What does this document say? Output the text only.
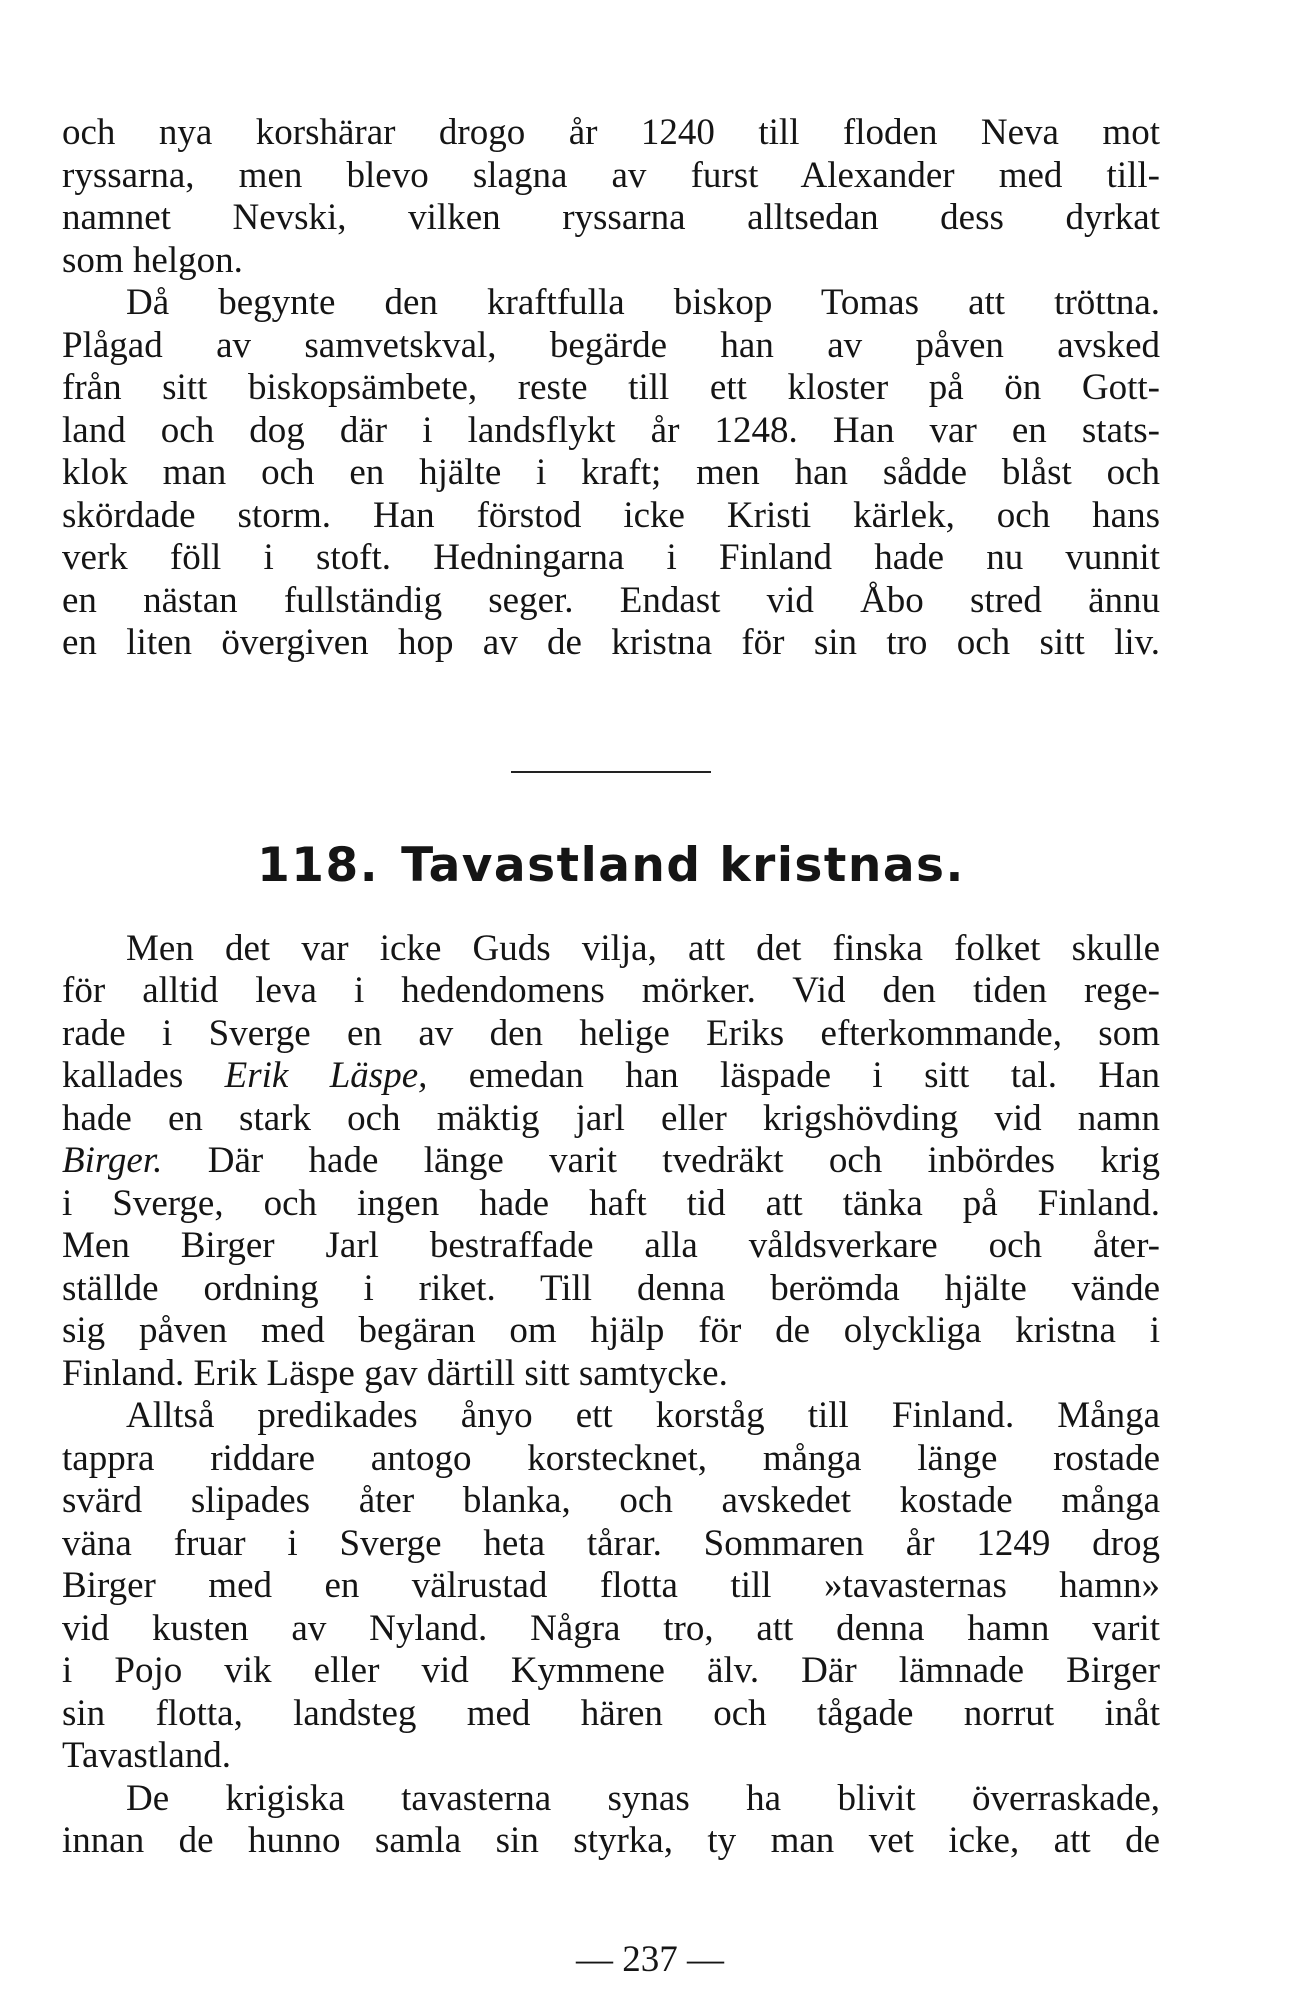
och nya korshärar drogo år 1240 till floden Neva mot
ryssarna, men blevo slagna av furst Alexander med till-
namnet Nevski, vilken ryssarna alltsedan dess dyrkat
som helgon.

Då begynte den kraftfulla biskop Tomas att tröttna.
Plågad av samvetskval, begärde han av påven avsked
från sitt biskopsämbete, reste till ett kloster på ön Gott-
land och dog där i landsflykt år 1248. Han var en stats-
klok man och en hjälte i kraft; men han sådde blåst och
skördade storm. Han förstod icke Kristi kärlek, och hans
verk föll i stoft. Hedningarna i Finland hade nu vunnit
en nästan fullständig seger. Endast vid Åbo stred ännu
en liten övergiven hop av de kristna för sin tro och sitt liv.

118. Tavastland kristnas.

Men det var icke Guds vilja, att det finska folket skulle
för alltid leva i hedendomens mörker. Vid den tiden rege-
rade i Sverge en av den helige Eriks efterkommande, som
kallades Erik Läspe, emedan han läspade i sitt tal. Han
hade en stark och mäktig jarl eller krigshövding vid namn
Birger. Där hade länge varit tvedräkt och inbördes krig
i Sverge, och ingen hade haft tid att tänka på Finland.
Men Birger Jarl bestraffade alla våldsverkare och åter-
ställde ordning i riket. Till denna berömda hjälte vände
sig påven med begäran om hjälp för de olyckliga kristna i
Finland. Erik Läspe gav därtill sitt samtycke.

Alltså predikades ånyo ett korståg till Finland. Många
tappra riddare antogo korstecknet, många länge rostade
svärd slipades åter blanka, och avskedet kostade många
väna fruar i Sverge heta tårar. Sommaren år 1249 drog
Birger med en välrustad flotta till »tavasternas hamn»
vid kusten av Nyland. Några tro, att denna hamn varit
i Pojo vik eller vid Kymmene älv. Där lämnade Birger
sin flotta, landsteg med hären och tågade norrut inåt
Tavastland.

De krigiska tavasterna synas ha blivit överraskade,
innan de hunno samla sin styrka, ty man vet icke, att de

— 237 —
